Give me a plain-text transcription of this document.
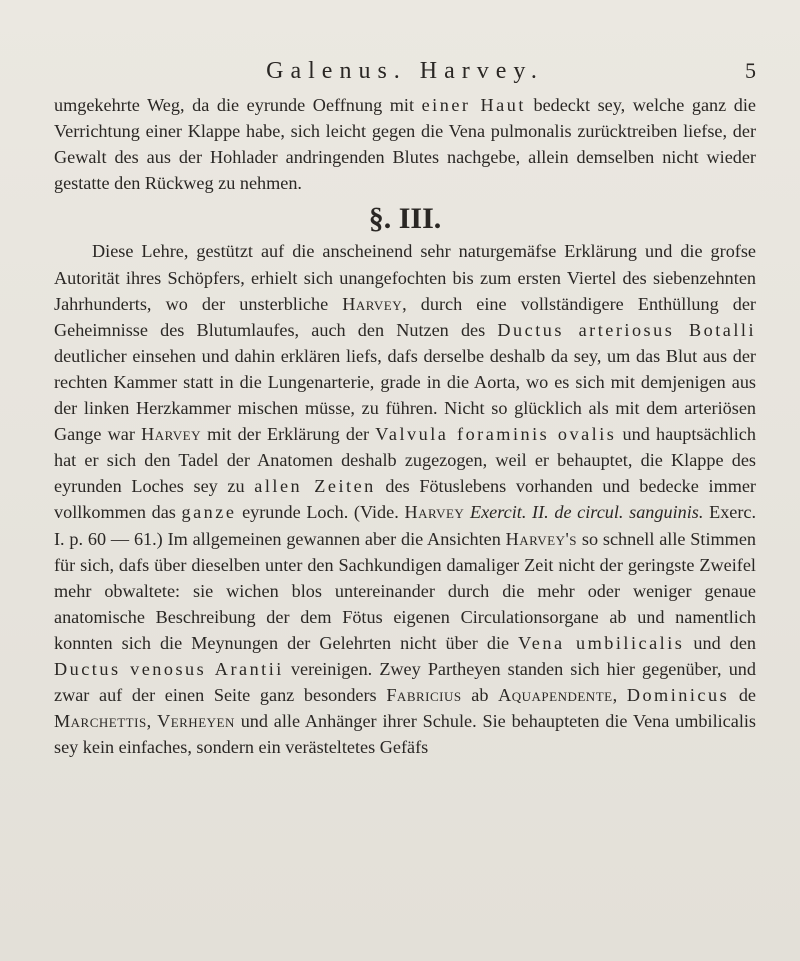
Galenus. Harvey.	5

umgekehrte Weg, da die eyrunde Oeffnung mit einer Haut bedeckt sey, welche ganz die Verrichtung einer Klappe habe, sich leicht gegen die Vena pulmonalis zurücktreiben liefse, der Gewalt des aus der Hohlader andringenden Blutes nachgebe, allein demselben nicht wieder gestatte den Rückweg zu nehmen.

§. III.

Diese Lehre, gestützt auf die anscheinend sehr naturgemäfse Erklärung und die grofse Autorität ihres Schöpfers, erhielt sich unangefochten bis zum ersten Viertel des siebenzehnten Jahrhunderts, wo der unsterbliche Harvey, durch eine vollständigere Enthüllung der Geheimnisse des Blutumlaufes, auch den Nutzen des Ductus arteriosus Botalli deutlicher einsehen und dahin erklären liefs, dafs derselbe deshalb da sey, um das Blut aus der rechten Kammer statt in die Lungenarterie, grade in die Aorta, wo es sich mit demjenigen aus der linken Herzkammer mischen müsse, zu führen. Nicht so glücklich als mit dem arteriösen Gange war Harvey mit der Erklärung der Valvula foraminis ovalis und hauptsächlich hat er sich den Tadel der Anatomen deshalb zugezogen, weil er behauptet, die Klappe des eyrunden Loches sey zu allen Zeiten des Fötuslebens vorhanden und bedecke immer vollkommen das ganze eyrunde Loch. (Vide. Harvey Exercit. II. de circul. sanguinis. Exerc. I. p. 60 — 61.) Im allgemeinen gewannen aber die Ansichten Harvey's so schnell alle Stimmen für sich, dafs über dieselben unter den Sachkundigen damaliger Zeit nicht der geringste Zweifel mehr obwaltete: sie wichen blos untereinander durch die mehr oder weniger genaue anatomische Beschreibung der dem Fötus eigenen Circulationsorgane ab und namentlich konnten sich die Meynungen der Gelehrten nicht über die Vena umbilicalis und den Ductus venosus Arantii vereinigen. Zwey Partheyen standen sich hier gegenüber, und zwar auf der einen Seite ganz besonders Fabricius ab Aquapendente, Dominicus de Marchettis, Verheyen und alle Anhänger ihrer Schule. Sie behaupteten die Vena umbilicalis sey kein einfaches, sondern ein verästeltetes Gefäfs
